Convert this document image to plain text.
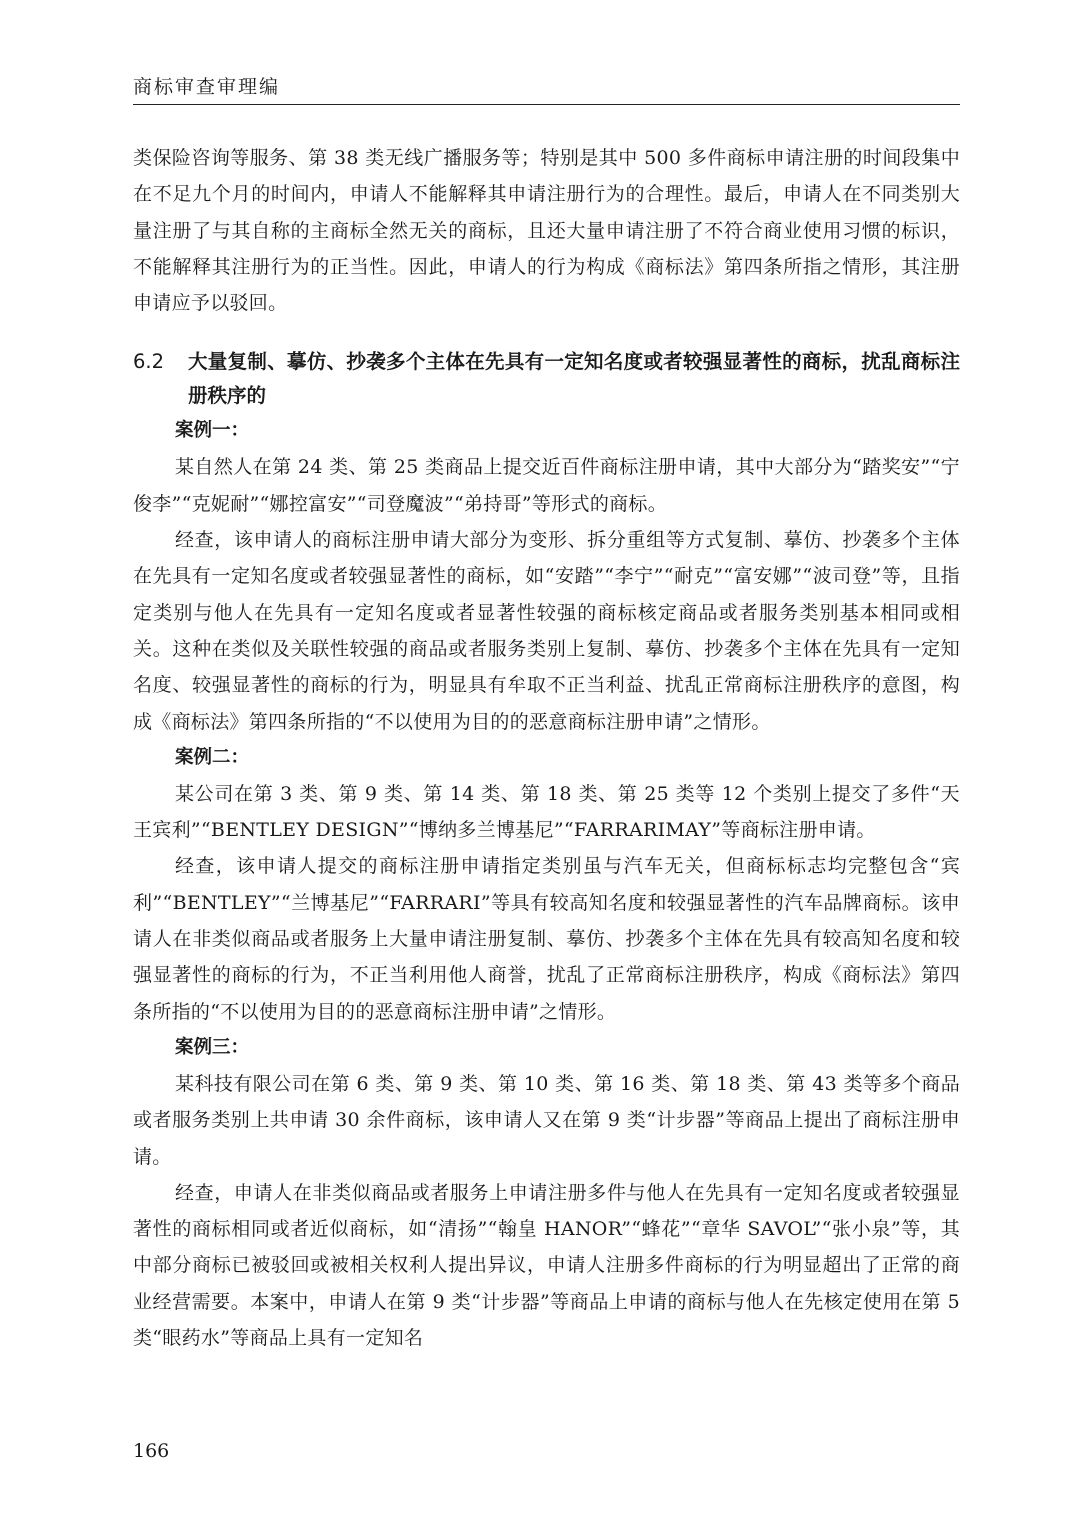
商标审查审理编

类保险咨询等服务、第 38 类无线广播服务等；特别是其中 500 多件商标申请注册的时间段集中在不足九个月的时间内，申请人不能解释其申请注册行为的合理性。最后，申请人在不同类别大量注册了与其自称的主商标全然无关的商标，且还大量申请注册了不符合商业使用习惯的标识，不能解释其注册行为的正当性。因此，申请人的行为构成《商标法》第四条所指之情形，其注册申请应予以驳回。

6.2	大量复制、摹仿、抄袭多个主体在先具有一定知名度或者较强显著性的商标，扰乱商标注册秩序的
案例一：

某自然人在第 24 类、第 25 类商品上提交近百件商标注册申请，其中大部分为“踏奖安”“宁俊李”“克妮耐”“娜控富安”“司登魔波”“弟持哥”等形式的商标。

经查，该申请人的商标注册申请大部分为变形、拆分重组等方式复制、摹仿、抄袭多个主体在先具有一定知名度或者较强显著性的商标，如“安踏”“李宁”“耐克”“富安娜”“波司登”等，且指定类别与他人在先具有一定知名度或者显著性较强的商标核定商品或者服务类别基本相同或相关。这种在类似及关联性较强的商品或者服务类别上复制、摹仿、抄袭多个主体在先具有一定知名度、较强显著性的商标的行为，明显具有牟取不正当利益、扰乱正常商标注册秩序的意图，构成《商标法》第四条所指的“不以使用为目的的恶意商标注册申请”之情形。

案例二：

某公司在第 3 类、第 9 类、第 14 类、第 18 类、第 25 类等 12 个类别上提交了多件“天王宾利”“BENTLEY DESIGN”“博纳多兰博基尼”“FARRARIMAY”等商标注册申请。

经查，该申请人提交的商标注册申请指定类别虽与汽车无关，但商标标志均完整包含“宾利”“BENTLEY”“兰博基尼”“FARRARI”等具有较高知名度和较强显著性的汽车品牌商标。该申请人在非类似商品或者服务上大量申请注册复制、摹仿、抄袭多个主体在先具有较高知名度和较强显著性的商标的行为，不正当利用他人商誉，扰乱了正常商标注册秩序，构成《商标法》第四条所指的“不以使用为目的的恶意商标注册申请”之情形。

案例三：

某科技有限公司在第 6 类、第 9 类、第 10 类、第 16 类、第 18 类、第 43 类等多个商品或者服务类别上共申请 30 余件商标，该申请人又在第 9 类“计步器”等商品上提出了商标注册申请。

经查，申请人在非类似商品或者服务上申请注册多件与他人在先具有一定知名度或者较强显著性的商标相同或者近似商标，如“清扬”“翰皇 HANOR”“蜂花”“章华 SAVOL”“张小泉”等，其中部分商标已被驳回或被相关权利人提出异议，申请人注册多件商标的行为明显超出了正常的商业经营需要。本案中，申请人在第 9 类“计步器”等商品上申请的商标与他人在先核定使用在第 5 类“眼药水”等商品上具有一定知名

166
